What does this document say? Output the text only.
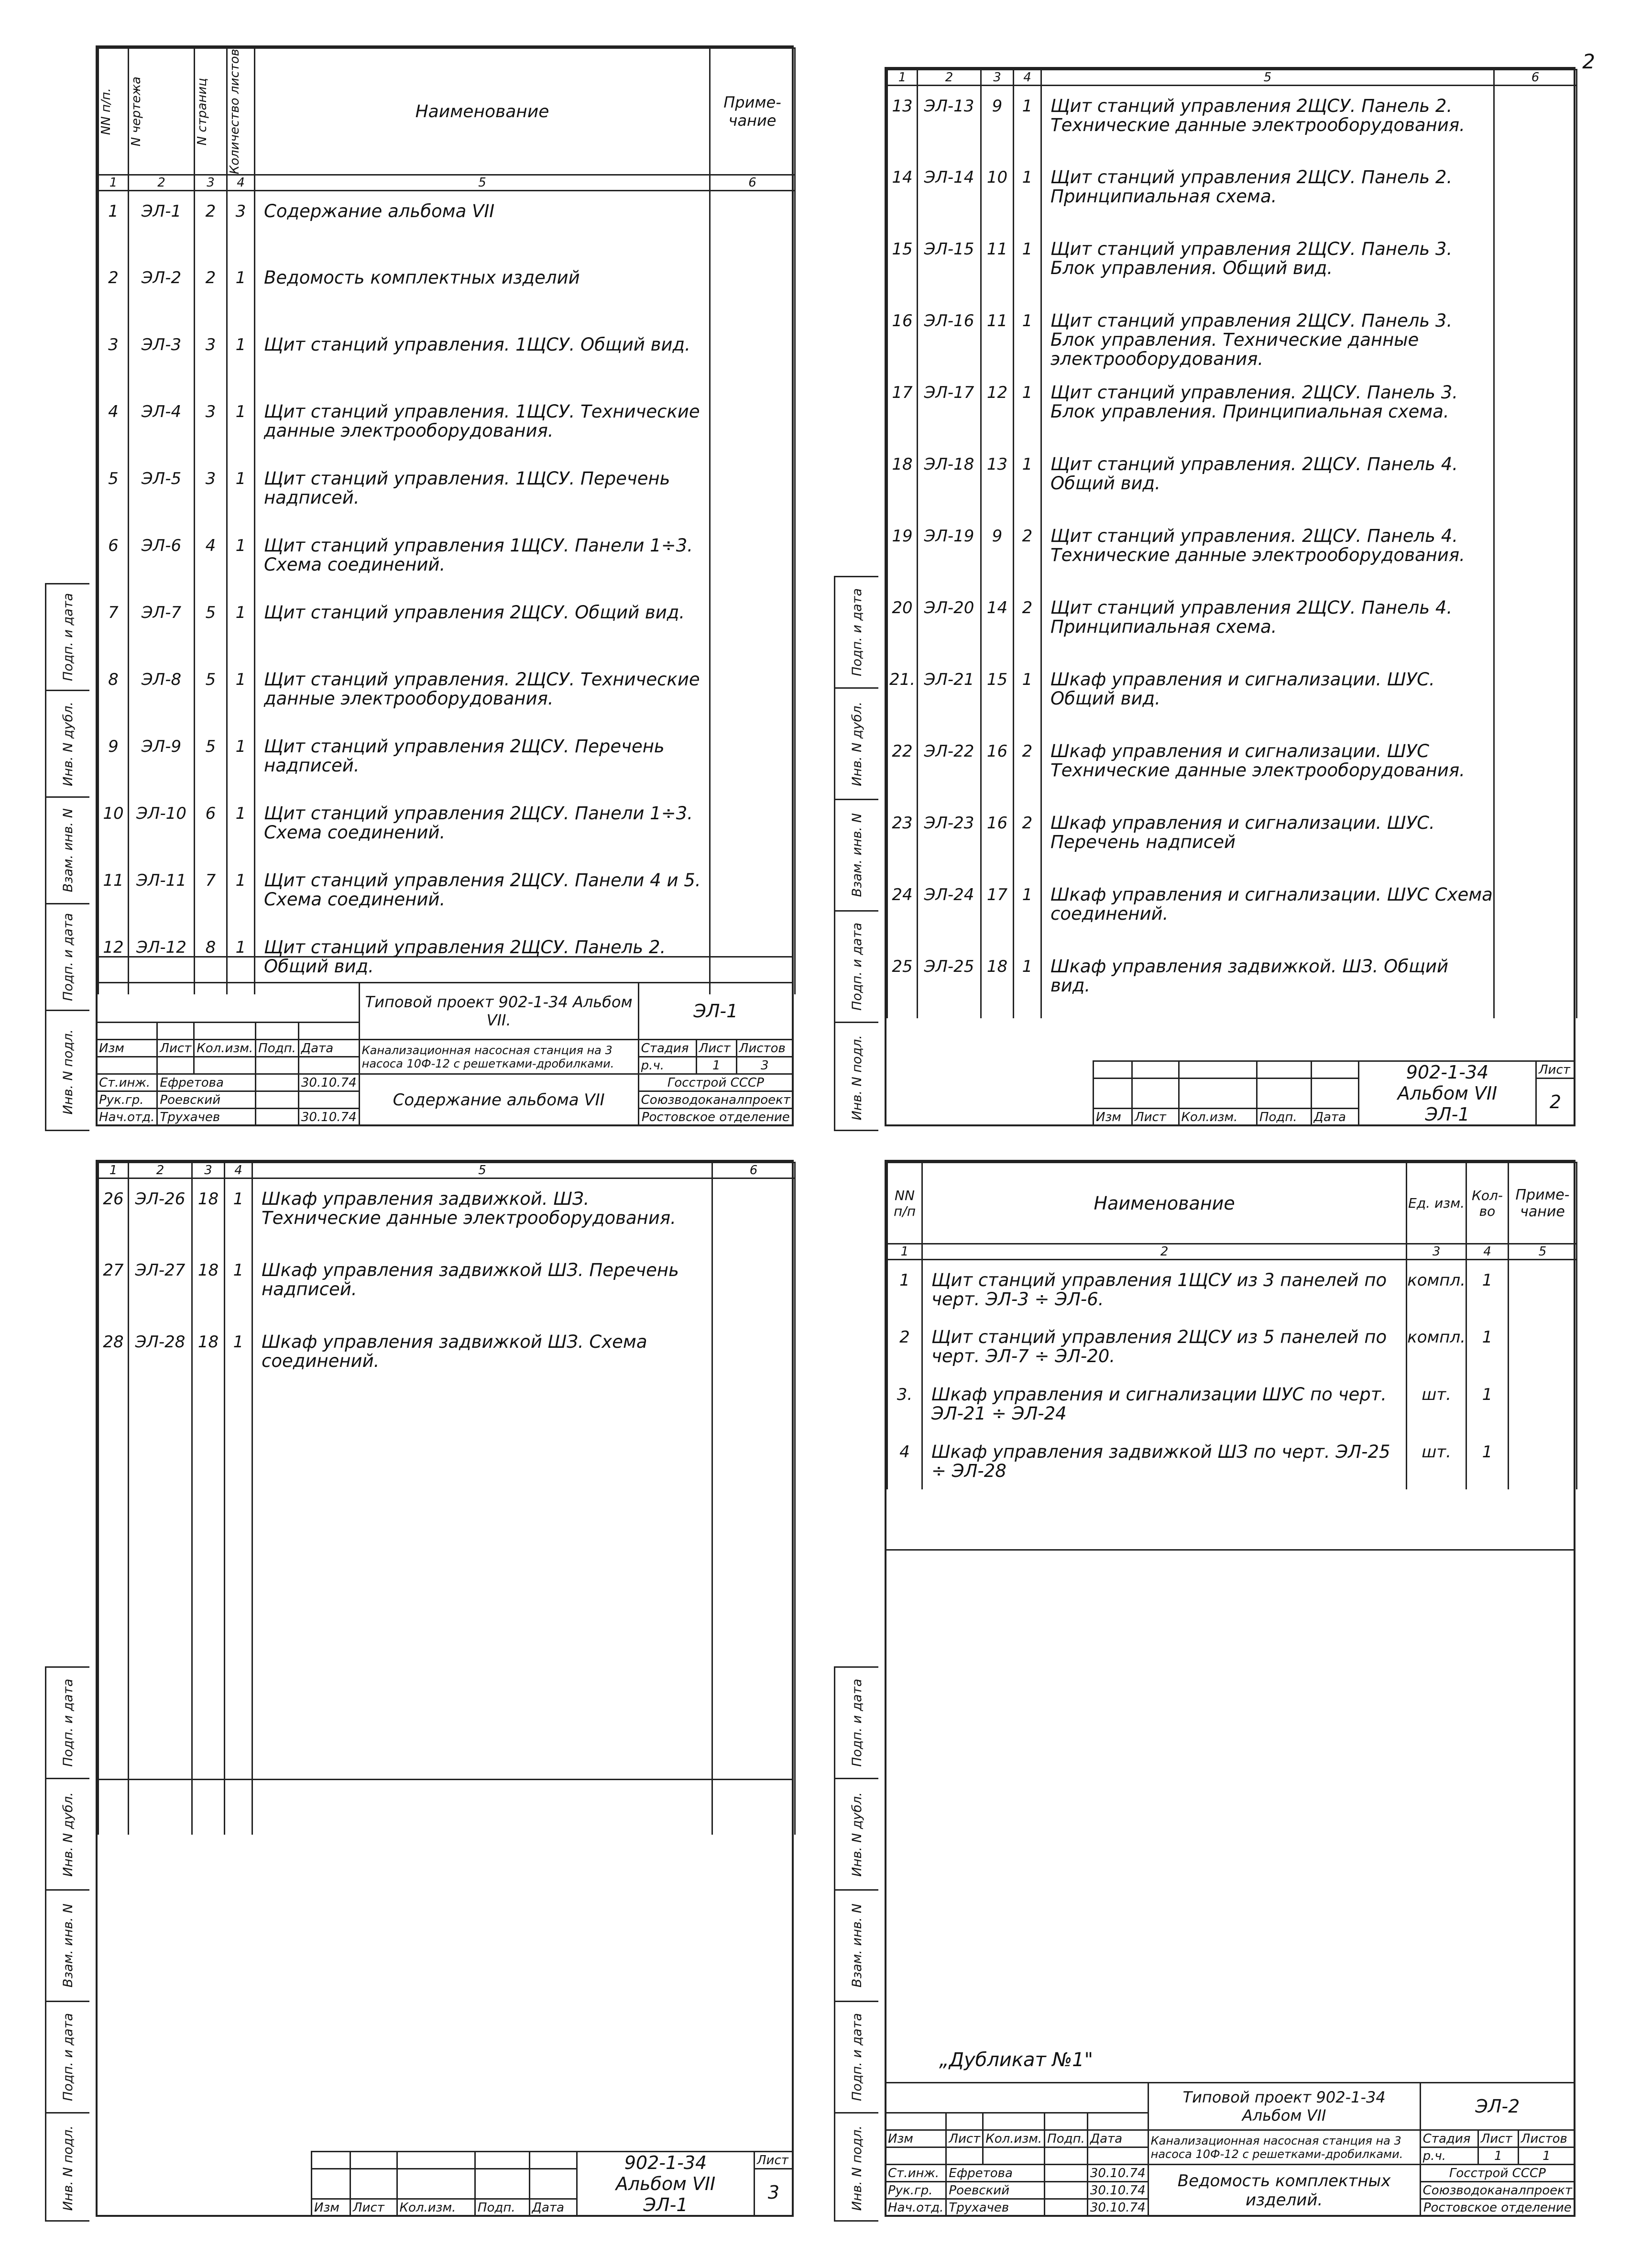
Подп. и дата
Инв. N дубл.
Взам. инв. N
Подп. и дата
Инв. N подл.
NN п/п.	N чертежа	N страниц	Количество листов	Наименование	Приме-чание
1	2	3	4	5	6
1	ЭЛ-1	2	3	Содержание альбома VII	
2	ЭЛ-2	2	1	Ведомость комплектных изделий	
3	ЭЛ-3	3	1	Щит станций управления. 1ЩСУ. Общий вид.	
4	ЭЛ-4	3	1	Щит станций управления. 1ЩСУ. Технические данные электрооборудования.	
5	ЭЛ-5	3	1	Щит станций управления. 1ЩСУ. Перечень надписей.	
6	ЭЛ-6	4	1	Щит станций управления 1ЩСУ. Панели 1÷3. Схема соединений.	
7	ЭЛ-7	5	1	Щит станций управления 2ЩСУ. Общий вид.	
8	ЭЛ-8	5	1	Щит станций управления. 2ЩСУ. Технические данные электрооборудования.	
9	ЭЛ-9	5	1	Щит станций управления 2ЩСУ. Перечень надписей.	
10	ЭЛ-10	6	1	Щит станций управления 2ЩСУ. Панели 1÷3. Схема соединений.	
11	ЭЛ-11	7	1	Щит станций управления 2ЩСУ. Панели 4 и 5. Схема соединений.	
12	ЭЛ-12	8	1	Щит станций управления 2ЩСУ. Панель 2. Общий вид.	
					Типовой проект 902-1-34 Альбом VII.	ЭЛ-1		

Изм	Лист	Кол.изм.	Подп.	Дата	Канализационная насосная станция на 3 насоса 10Ф-12 с решетками-дробилками.	Стадия	Лист	Листов
						р.ч.	1	3
Ст.инж.	Ефретова			30.10.74	Содержание альбома VII	Госстрой СССР		
Рук.гр.	Роевский					Союзводоканалпроект		
Нач.отд.	Трухачев			30.10.74		Ростовское отделение		
2
Подп. и дата
Инв. N дубл.
Взам. инв. N
Подп. и дата
Инв. N подл.
1	2	3	4	5	6
13	ЭЛ-13	9	1	Щит станций управления 2ЩСУ. Панель 2. Технические данные электрооборудования.	
14	ЭЛ-14	10	1	Щит станций управления 2ЩСУ. Панель 2. Принципиальная схема.	
15	ЭЛ-15	11	1	Щит станций управления 2ЩСУ. Панель 3. Блок управления. Общий вид.	
16	ЭЛ-16	11	1	Щит станций управления 2ЩСУ. Панель 3. Блок управления. Технические данные электрооборудования.	
17	ЭЛ-17	12	1	Щит станций управления. 2ЩСУ. Панель 3. Блок управления. Принципиальная схема.	
18	ЭЛ-18	13	1	Щит станций управления. 2ЩСУ. Панель 4. Общий вид.	
19	ЭЛ-19	9	2	Щит станций управления. 2ЩСУ. Панель 4. Технические данные электрооборудования.	
20	ЭЛ-20	14	2	Щит станций управления 2ЩСУ. Панель 4. Принципиальная схема.	
21.	ЭЛ-21	15	1	Шкаф управления и сигнализации. ШУС. Общий вид.	
22	ЭЛ-22	16	2	Шкаф управления и сигнализации. ШУС Технические данные электрооборудования.	
23	ЭЛ-23	16	2	Шкаф управления и сигнализации. ШУС. Перечень надписей	
24	ЭЛ-24	17	1	Шкаф управления и сигнализации. ШУС Схема соединений.	
25	ЭЛ-25	18	1	Шкаф управления задвижкой. ШЗ. Общий вид.	
					902-1-34
Альбом VII
ЭЛ-1	Лист
						2
Изм	Лист	Кол.изм.	Подп.	Дата		
Подп. и дата
Инв. N дубл.
Взам. инв. N
Подп. и дата
Инв. N подл.
1	2	3	4	5	6
26	ЭЛ-26	18	1	Шкаф управления задвижкой. ШЗ. Технические данные электрооборудования.	
27	ЭЛ-27	18	1	Шкаф управления задвижкой ШЗ. Перечень надписей.	
28	ЭЛ-28	18	1	Шкаф управления задвижкой ШЗ. Схема соединений.	

					902-1-34
Альбом VII
ЭЛ-1	Лист
						3
Изм	Лист	Кол.изм.	Подп.	Дата		
Подп. и дата
Инв. N дубл.
Взам. инв. N
Подп. и дата
Инв. N подл.
NN п/п	Наименование	Ед. изм.	Кол-во	Приме-чание
1	2	3	4	5
1	Щит станций управления 1ЩСУ из 3 панелей по черт. ЭЛ-3 ÷ ЭЛ-6.	компл.	1	
2	Щит станций управления 2ЩСУ из 5 панелей по черт. ЭЛ-7 ÷ ЭЛ-20.	компл.	1	
3.	Шкаф управления и сигнализации ШУС по черт. ЭЛ-21 ÷ ЭЛ-24	шт.	1	
4	Шкаф управления задвижкой ШЗ по черт. ЭЛ-25 ÷ ЭЛ-28	шт.	1	
„Дубликат №1"
					Типовой проект 902-1-34 Альбом VII	ЭЛ-2		

Изм	Лист	Кол.изм.	Подп.	Дата	Канализационная насосная станция на 3 насоса 10Ф-12 с решетками-дробилками.	Стадия	Лист	Листов
						р.ч.	1	1
Ст.инж.	Ефретова			30.10.74	Ведомость комплектных изделий.	Госстрой СССР		
Рук.гр.	Роевский			30.10.74		Союзводоканалпроект		
Нач.отд.	Трухачев			30.10.74		Ростовское отделение		
